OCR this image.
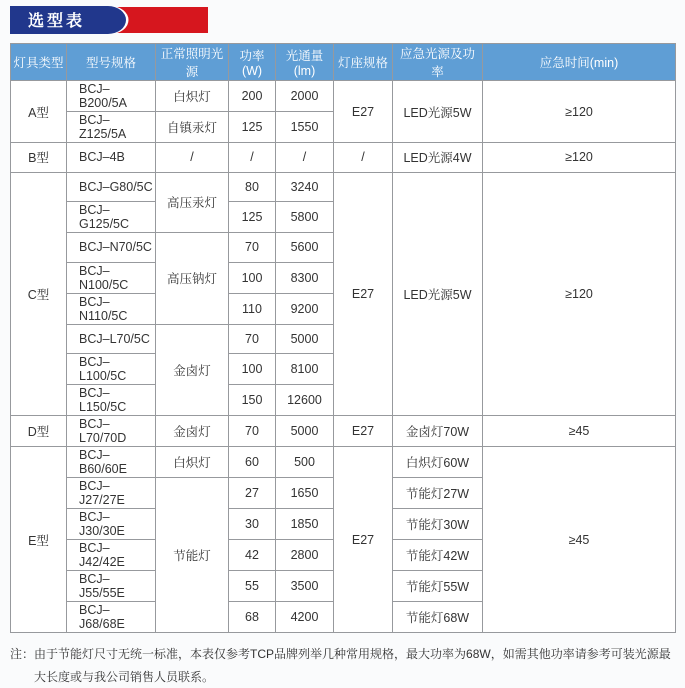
选型表
灯具类型	型号规格	正常照明光源	功率(W)	光通量(lm)	灯座规格	应急光源及功率	应急时间(min)
A型	BCJ–B200/5A	白炽灯	200	2000	E27	LED光源5W	≥120
	BCJ–Z125/5A	自镇汞灯	125	1550			
B型	BCJ–4B	/	/	/	/	LED光源4W	≥120
C型	BCJ–G80/5C	高压汞灯	80	3240	E27	LED光源5W	≥120
	BCJ–G125/5C		125	5800			
	BCJ–N70/5C	高压钠灯	70	5600			
	BCJ–N100/5C		100	8300			
	BCJ–N110/5C		110	9200			
	BCJ–L70/5C	金卤灯	70	5000			
	BCJ–L100/5C		100	8100			
	BCJ–L150/5C		150	12600			
D型	BCJ–L70/70D	金卤灯	70	5000	E27	金卤灯70W	≥45
E型	BCJ–B60/60E	白炽灯	60	500	E27	白炽灯60W	≥45
	BCJ–J27/27E	节能灯	27	1650		节能灯27W	
	BCJ–J30/30E		30	1850		节能灯30W	
	BCJ–J42/42E		42	2800		节能灯42W	
	BCJ–J55/55E		55	3500		节能灯55W	
	BCJ–J68/68E		68	4200		节能灯68W	
注： 由于节能灯尺寸无统一标准，本表仅参考TCP品牌列举几种常用规格，最大功率为68W，如需其他功率请参考可装光源最大长度或与我公司销售人员联系。
